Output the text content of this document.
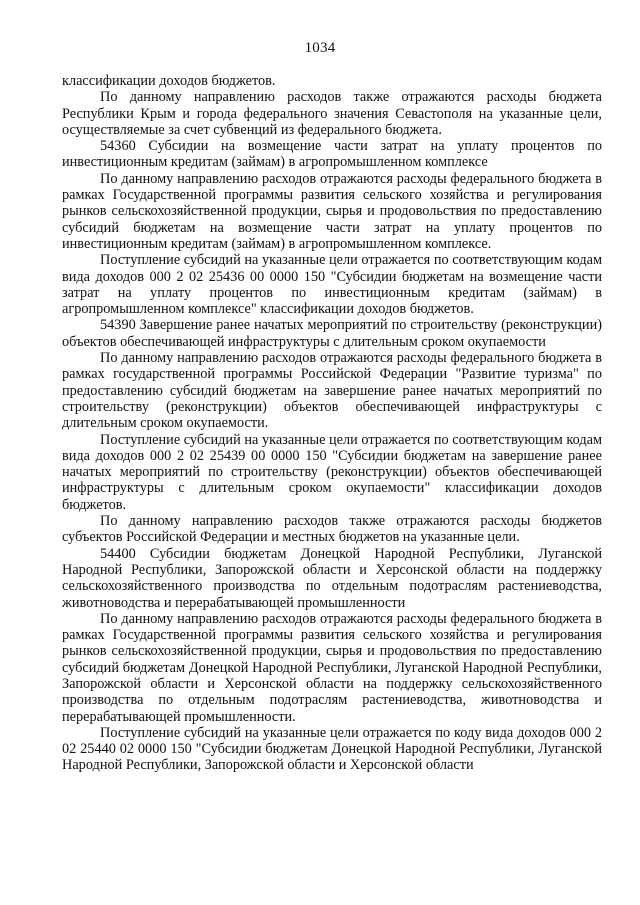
1034

классификации доходов бюджетов.

По данному направлению расходов также отражаются расходы бюджета Республики Крым и города федерального значения Севастополя на указанные цели, осуществляемые за счет субвенций из федерального бюджета.

54360 Субсидии на возмещение части затрат на уплату процентов по инвестиционным кредитам (займам) в агропромышленном комплексе

По данному направлению расходов отражаются расходы федерального бюджета в рамках Государственной программы развития сельского хозяйства и регулирования рынков сельскохозяйственной продукции, сырья и продовольствия по предоставлению субсидий бюджетам на возмещение части затрат на уплату процентов по инвестиционным кредитам (займам) в агропромышленном комплексе.

Поступление субсидий на указанные цели отражается по соответствующим кодам вида доходов 000 2 02 25436 00 0000 150 "Субсидии бюджетам на возмещение части затрат на уплату процентов по инвестиционным кредитам (займам) в агропромышленном комплексе" классификации доходов бюджетов.

54390 Завершение ранее начатых мероприятий по строительству (реконструкции) объектов обеспечивающей инфраструктуры с длительным сроком окупаемости

По данному направлению расходов отражаются расходы федерального бюджета в рамках государственной программы Российской Федерации "Развитие туризма" по предоставлению субсидий бюджетам на завершение ранее начатых мероприятий по строительству (реконструкции) объектов обеспечивающей инфраструктуры с длительным сроком окупаемости.

Поступление субсидий на указанные цели отражается по соответствующим кодам вида доходов 000 2 02 25439 00 0000 150 "Субсидии бюджетам на завершение ранее начатых мероприятий по строительству (реконструкции) объектов обеспечивающей инфраструктуры с длительным сроком окупаемости" классификации доходов бюджетов.

По данному направлению расходов также отражаются расходы бюджетов субъектов Российской Федерации и местных бюджетов на указанные цели.

54400 Субсидии бюджетам Донецкой Народной Республики, Луганской Народной Республики, Запорожской области и Херсонской области на поддержку сельскохозяйственного производства по отдельным подотраслям растениеводства, животноводства и перерабатывающей промышленности

По данному направлению расходов отражаются расходы федерального бюджета в рамках Государственной программы развития сельского хозяйства и регулирования рынков сельскохозяйственной продукции, сырья и продовольствия по предоставлению субсидий бюджетам Донецкой Народной Республики, Луганской Народной Республики, Запорожской области и Херсонской области на поддержку сельскохозяйственного производства по отдельным подотраслям растениеводства, животноводства и перерабатывающей промышленности.

Поступление субсидий на указанные цели отражается по коду вида доходов 000 2 02 25440 02 0000 150 "Субсидии бюджетам Донецкой Народной Республики, Луганской Народной Республики, Запорожской области и Херсонской области
